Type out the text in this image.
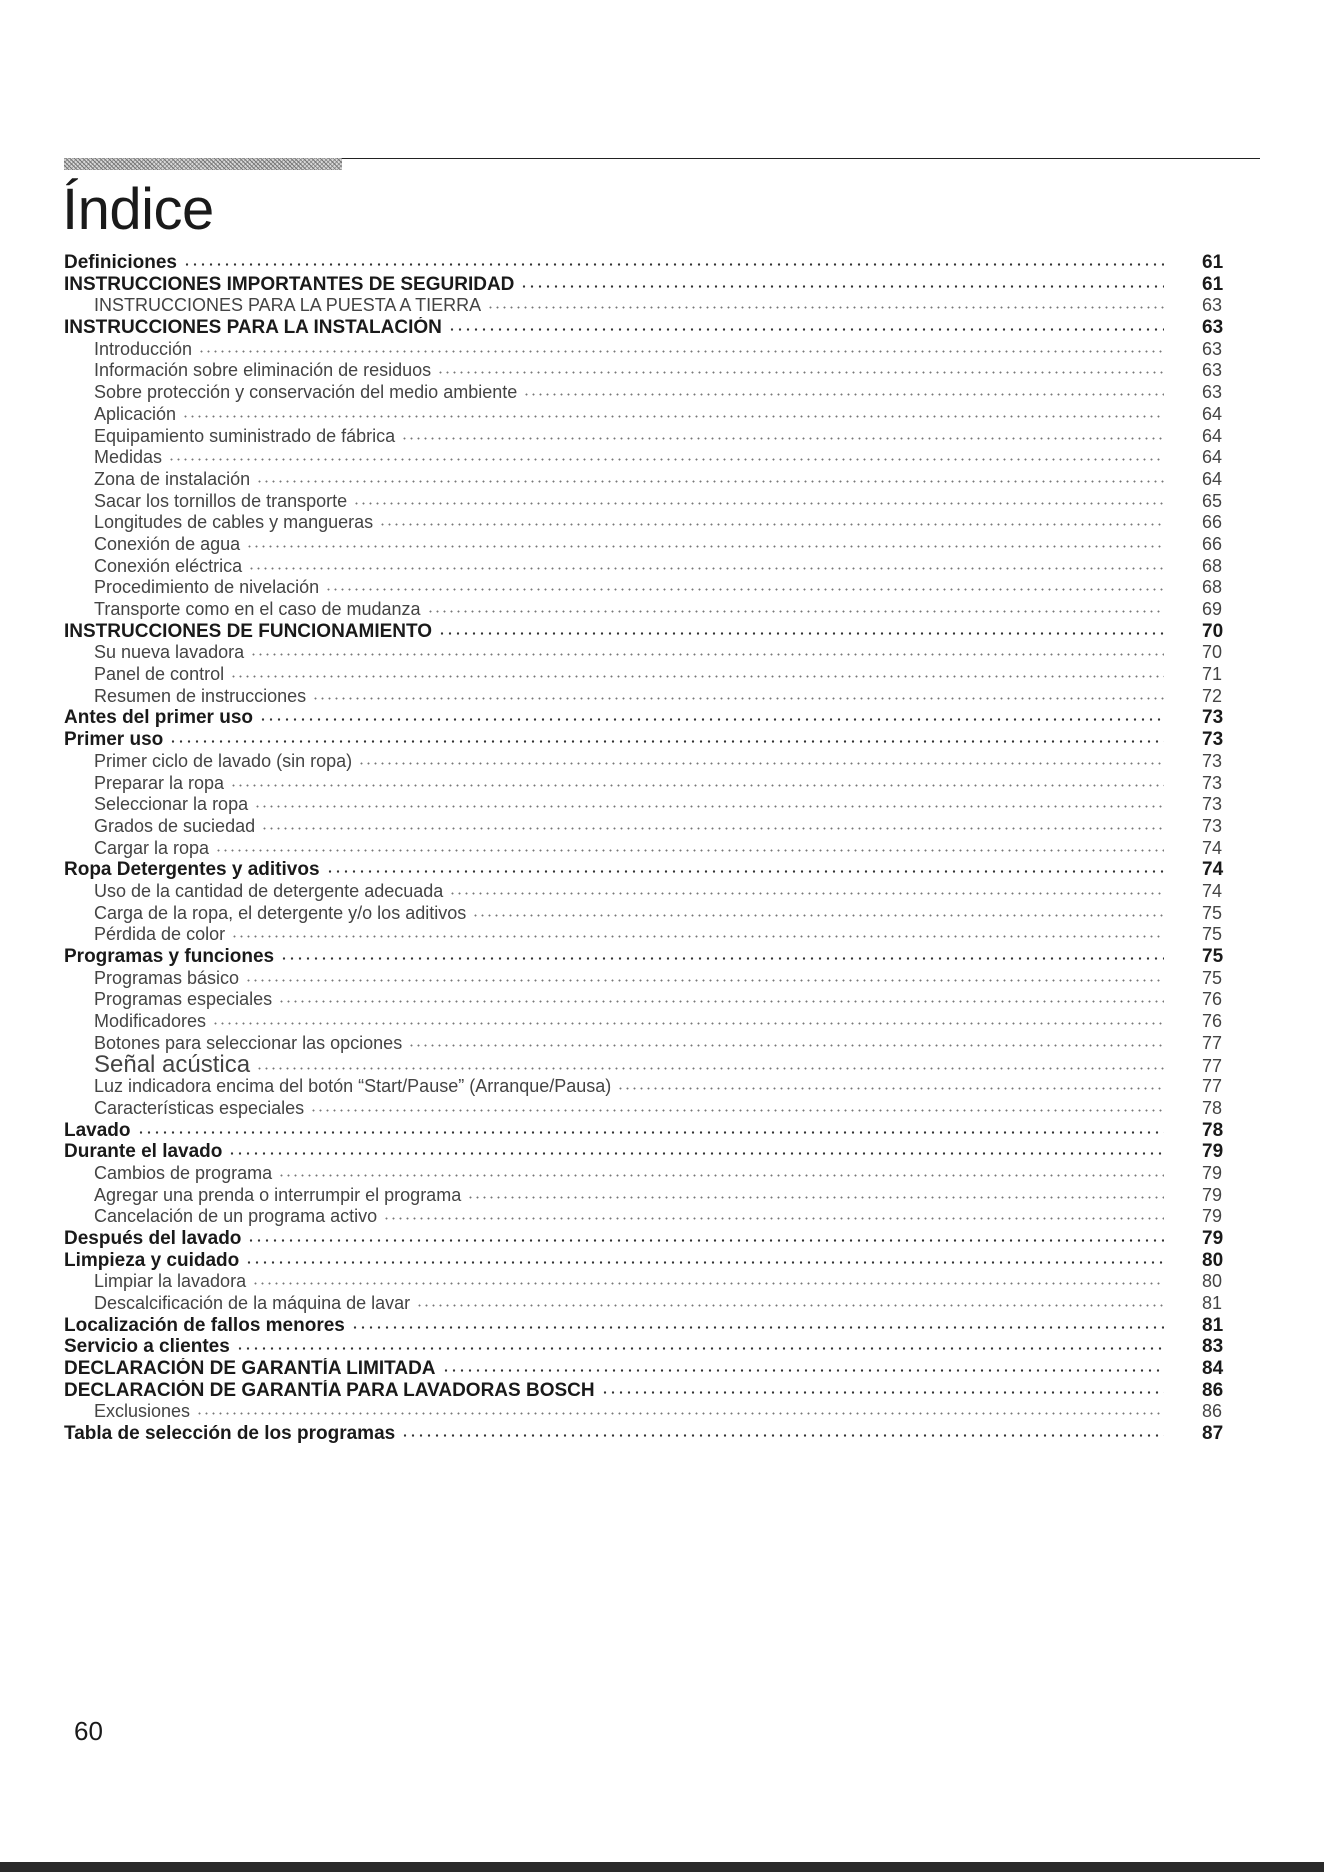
Índice
Definiciones	61
INSTRUCCIONES IMPORTANTES DE SEGURIDAD	61
INSTRUCCIONES PARA LA PUESTA A TIERRA	63
INSTRUCCIONES PARA LA INSTALACIÓN	63
Introducción	63
Información sobre eliminación de residuos	63
Sobre protección y conservación del medio ambiente	63
Aplicación	64
Equipamiento suministrado de fábrica	64
Medidas	64
Zona de instalación	64
Sacar los tornillos de transporte	65
Longitudes de cables y mangueras	66
Conexión de agua	66
Conexión eléctrica	68
Procedimiento de nivelación	68
Transporte como en el caso de mudanza	69
INSTRUCCIONES DE FUNCIONAMIENTO	70
Su nueva lavadora	70
Panel de control	71
Resumen de instrucciones	72
Antes del primer uso	73
Primer uso	73
Primer ciclo de lavado (sin ropa)	73
Preparar la ropa	73
Seleccionar la ropa	73
Grados de suciedad	73
Cargar la ropa	74
Ropa Detergentes y aditivos	74
Uso de la cantidad de detergente adecuada	74
Carga de la ropa, el detergente y/o los aditivos	75
Pérdida de color	75
Programas y funciones	75
Programas básico	75
Programas especiales	76
Modificadores	76
Botones para seleccionar las opciones	77
Señal acústica	77
Luz indicadora encima del botón “Start/Pause” (Arranque/Pausa)	77
Características especiales	78
Lavado	78
Durante el lavado	79
Cambios de programa	79
Agregar una prenda o interrumpir el programa	79
Cancelación de un programa activo	79
Después del lavado	79
Limpieza y cuidado	80
Limpiar la lavadora	80
Descalcificación de la máquina de lavar	81
Localización de fallos menores	81
Servicio a clientes	83
DECLARACIÓN DE GARANTÍA LIMITADA	84
DECLARACIÓN DE GARANTÍA PARA LAVADORAS BOSCH	86
Exclusiones	86
Tabla de selección de los programas	87
60
